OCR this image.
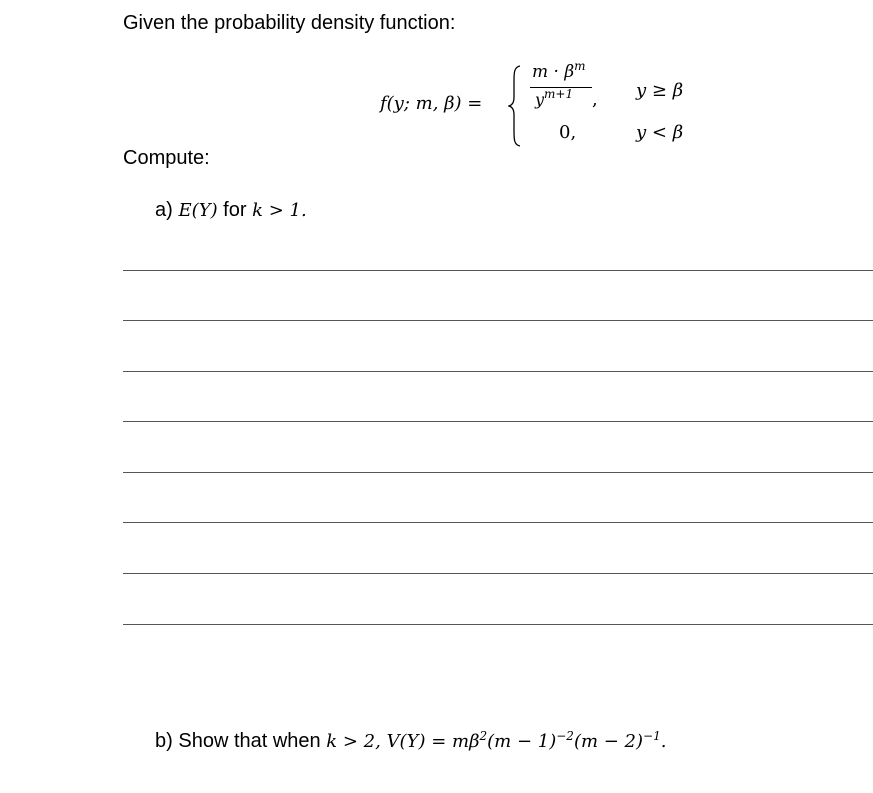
Given the probability density function:
f(y; m, β) =
$m \cdot \beta^m$
$y^{m+1}$ ,
0,
y ≥ β
y < β
Compute:
a) E(Y) for k > 1.
b) Show that when k > 2, $V(Y) = m\beta^2(m - 1)^{-2}(m - 2)^{-1}$.
